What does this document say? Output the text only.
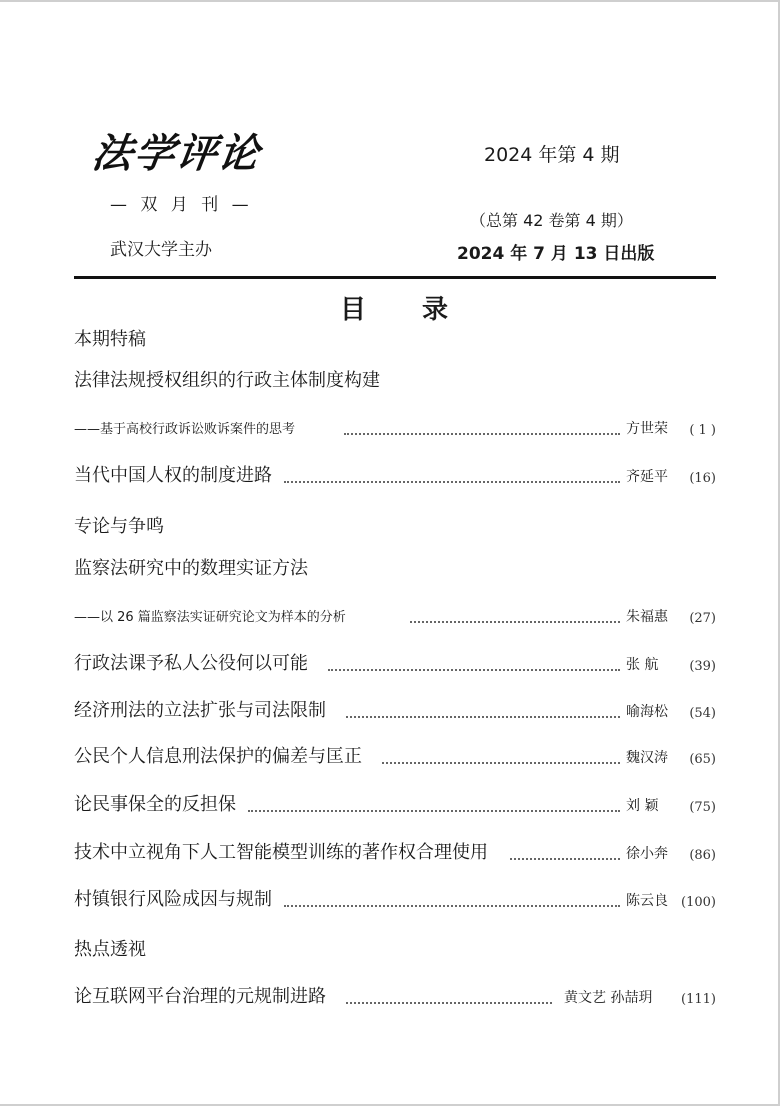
法学评论
— 双 月 刊 —
武汉大学主办
2024 年第 4 期
（总第 42 卷第 4 期）
2024 年 7 月 13 日出版
目录
本期特稿
法律法规授权组织的行政主体制度构建
——基于高校行政诉讼败诉案件的思考	方世荣 ( 1 )
当代中国人权的制度进路	齐延平 (16)
专论与争鸣
监察法研究中的数理实证方法
——以 26 篇监察法实证研究论文为样本的分析	朱福惠 (27)
行政法课予私人公役何以可能	张 航 (39)
经济刑法的立法扩张与司法限制	喻海松 (54)
公民个人信息刑法保护的偏差与匡正	魏汉涛 (65)
论民事保全的反担保	刘 颖 (75)
技术中立视角下人工智能模型训练的著作权合理使用	徐小奔 (86)
村镇银行风险成因与规制	陈云良 (100)
热点透视
论互联网平台治理的元规制进路	黄文艺 孙喆玥 (111)
